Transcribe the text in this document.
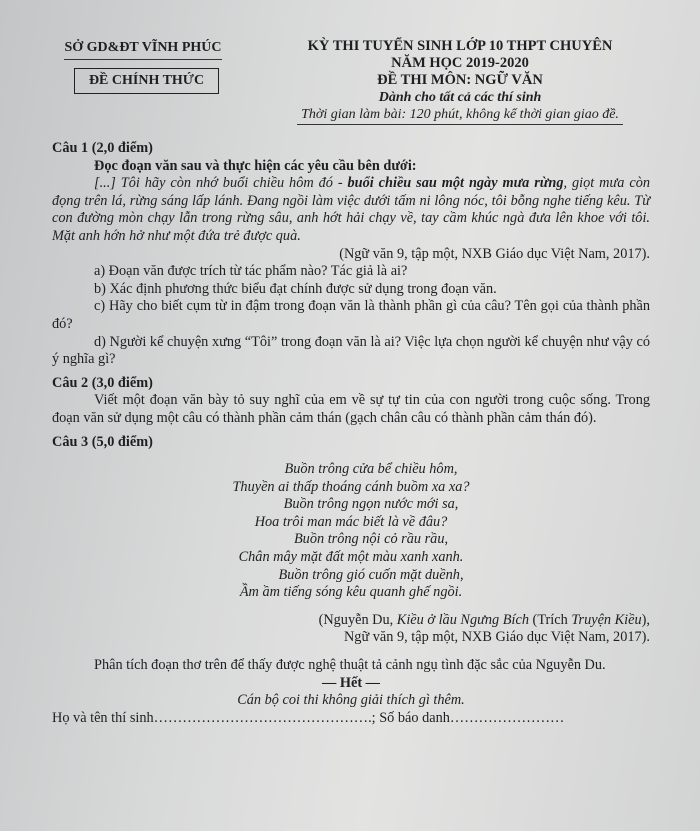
SỞ GD&ĐT VĨNH PHÚC
ĐỀ CHÍNH THỨC
KỲ THI TUYỂN SINH LỚP 10 THPT CHUYÊN
NĂM HỌC 2019-2020
ĐỀ THI MÔN: NGỮ VĂN
Dành cho tất cả các thí sinh
Thời gian làm bài: 120 phút, không kể thời gian giao đề.

Câu 1 (2,0 điểm)

Đọc đoạn văn sau và thực hiện các yêu cầu bên dưới:

[...] Tôi hãy còn nhớ buổi chiều hôm đó - buổi chiều sau một ngày mưa rừng, giọt mưa còn đọng trên lá, rừng sáng lấp lánh. Đang ngồi làm việc dưới tấm ni lông nóc, tôi bỗng nghe tiếng kêu. Từ con đường mòn chạy lẫn trong rừng sâu, anh hớt hải chạy về, tay cầm khúc ngà đưa lên khoe với tôi. Mặt anh hớn hở như một đứa trẻ được quà.

(Ngữ văn 9, tập một, NXB Giáo dục Việt Nam, 2017).

a) Đoạn văn được trích từ tác phẩm nào? Tác giả là ai?

b) Xác định phương thức biểu đạt chính được sử dụng trong đoạn văn.

c) Hãy cho biết cụm từ in đậm trong đoạn văn là thành phần gì của câu? Tên gọi của thành phần đó?

d) Người kể chuyện xưng “Tôi” trong đoạn văn là ai? Việc lựa chọn người kể chuyện như vậy có ý nghĩa gì?

Câu 2 (3,0 điểm)

Viết một đoạn văn bày tỏ suy nghĩ của em về sự tự tin của con người trong cuộc sống. Trong đoạn văn sử dụng một câu có thành phần cảm thán (gạch chân câu có thành phần cảm thán đó).

Câu 3 (5,0 điểm)

Buồn trông cửa bể chiều hôm,
Thuyền ai thấp thoáng cánh buồm xa xa?
Buồn trông ngọn nước mới sa,
Hoa trôi man mác biết là về đâu?
Buồn trông nội cỏ rầu rầu,
Chân mây mặt đất một màu xanh xanh.
Buồn trông gió cuốn mặt duềnh,
Ầm ầm tiếng sóng kêu quanh ghế ngồi.

(Nguyễn Du, Kiều ở lầu Ngưng Bích (Trích Truyện Kiều),

Ngữ văn 9, tập một, NXB Giáo dục Việt Nam, 2017).

Phân tích đoạn thơ trên để thấy được nghệ thuật tả cảnh ngụ tình đặc sắc của Nguyễn Du.

— Hết —

Cán bộ coi thi không giải thích gì thêm.

Họ và tên thí sinh……………………………………….; Số báo danh……………………
